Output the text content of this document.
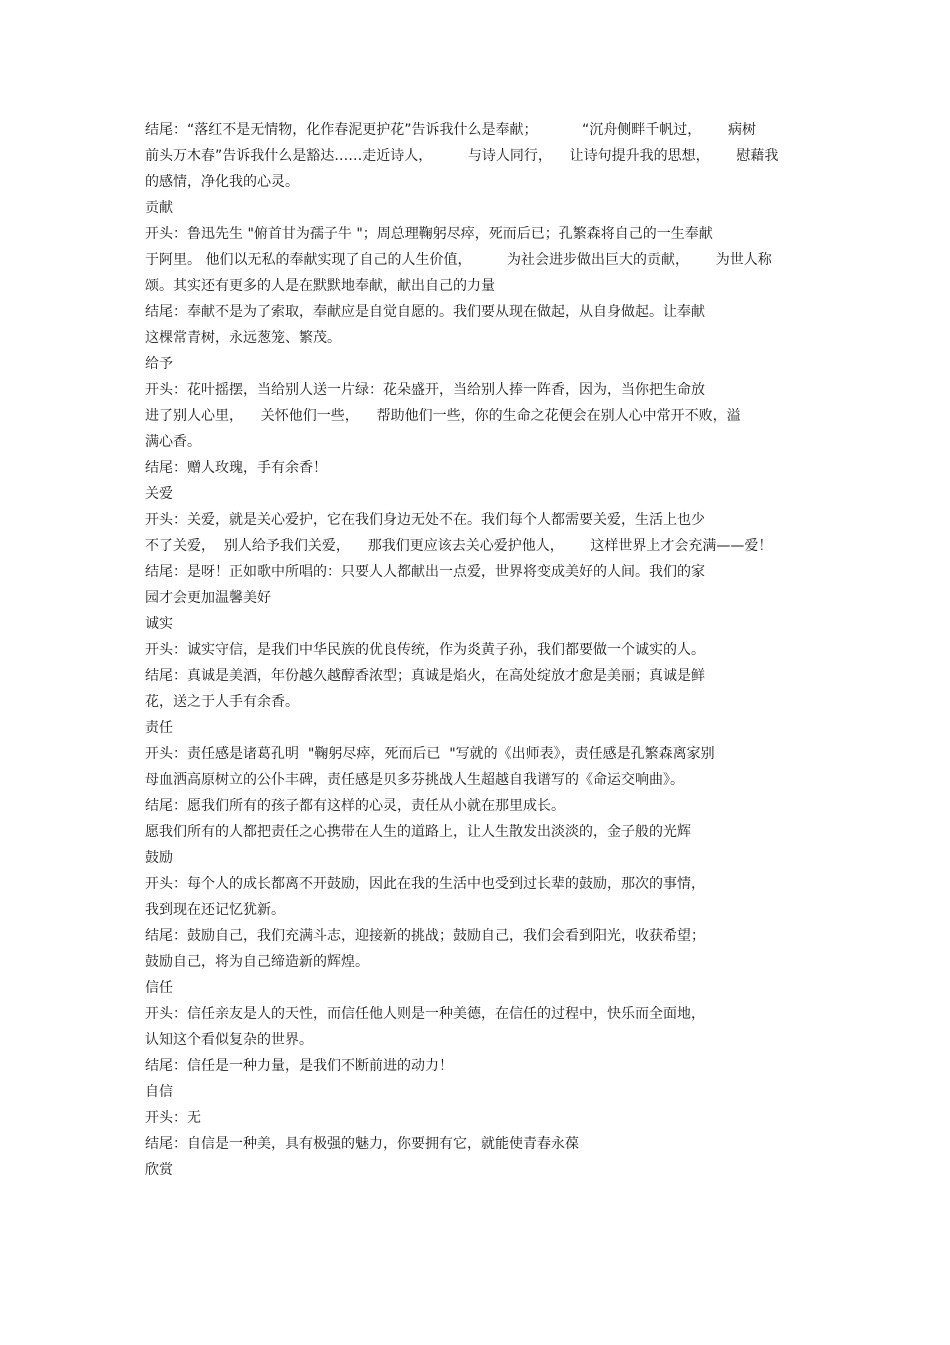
结尾：“落红不是无情物，化作春泥更护花”告诉我什么是奉献；          “沉舟侧畔千帆过，      病树
前头万木春”告诉我什么是豁达……走近诗人，        与诗人同行，    让诗句提升我的思想，      慰藉我
的感情，净化我的心灵。
贡献
开头：鲁迅先生 "俯首甘为孺子牛 "；周总理鞠躬尽瘁，死而后已；孔繁森将自己的一生奉献
于阿里。 他们以无私的奉献实现了自己的人生价值，        为社会进步做出巨大的贡献，      为世人称
颂。其实还有更多的人是在默默地奉献，献出自己的力量
结尾：奉献不是为了索取，奉献应是自觉自愿的。我们要从现在做起，从自身做起。让奉献
这棵常青树，永远葱笼、繁茂。
给予
开头：花叶摇摆，当给别人送一片绿：花朵盛开，当给别人捧一阵香，因为，当你把生命放
进了别人心里，    关怀他们一些，    帮助他们一些，你的生命之花便会在别人心中常开不败，溢
满心香。
结尾：赠人玫瑰，手有余香！
关爱
开头：关爱，就是关心爱护，它在我们身边无处不在。我们每个人都需要关爱，生活上也少
不了关爱，  别人给予我们关爱，    那我们更应该去关心爱护他人，      这样世界上才会充满——爱！
结尾：是呀！正如歌中所唱的：只要人人都献出一点爱，世界将变成美好的人间。我们的家
园才会更加温馨美好
诚实
开头：诚实守信，是我们中华民族的优良传统，作为炎黄子孙，我们都要做一个诚实的人。
结尾：真诚是美酒，年份越久越醇香浓型；真诚是焰火，在高处绽放才愈是美丽；真诚是鲜
花，送之于人手有余香。
责任
开头：责任感是诸葛孔明  "鞠躬尽瘁，死而后已  "写就的《出师表》，责任感是孔繁森离家别
母血洒高原树立的公仆丰碑，责任感是贝多芬挑战人生超越自我谱写的《命运交响曲》。
结尾：愿我们所有的孩子都有这样的心灵，责任从小就在那里成长。
愿我们所有的人都把责任之心携带在人生的道路上，让人生散发出淡淡的，金子般的光辉
鼓励
开头：每个人的成长都离不开鼓励，因此在我的生活中也受到过长辈的鼓励，那次的事情，
我到现在还记忆犹新。
结尾：鼓励自己，我们充满斗志，迎接新的挑战；鼓励自己，我们会看到阳光，收获希望；
鼓励自己，将为自己缔造新的辉煌。
信任
开头：信任亲友是人的天性，而信任他人则是一种美德，在信任的过程中，快乐而全面地，
认知这个看似复杂的世界。
结尾：信任是一种力量，是我们不断前进的动力！
自信
开头：无
结尾：自信是一种美，具有极强的魅力，你要拥有它，就能使青春永葆
欣赏
